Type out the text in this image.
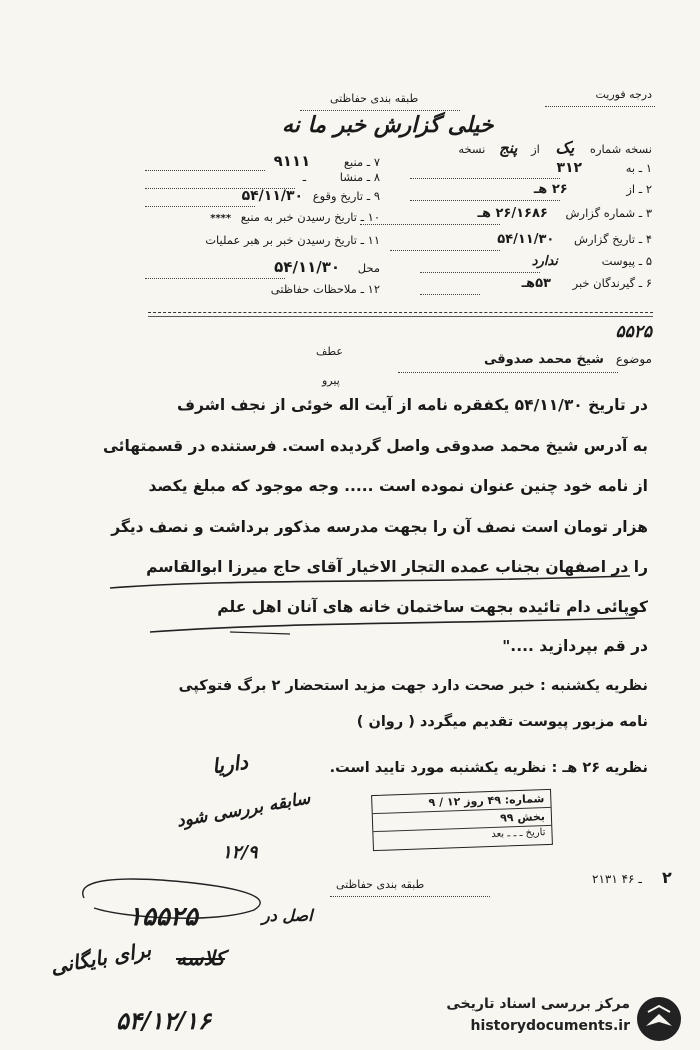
درجه فوریت
طبقه بندی حفاظتی
خیلی گزارش خبر ما نه
نسخه شماره یک از پنج نسخه
۱ ـ به ۳۱۲
۲ ـ از ۲۶ هـ
۳ ـ شماره گزارش ۲۶/۱۶۸۶ هـ
۴ ـ تاریخ گزارش ۵۴/۱۱/۳۰
۵ ـ پیوست ندارد
۶ ـ گیرندگان خبر ۵۳هـ
۷ ـ منبع ۹۱۱۱
۸ ـ منشا ـ
۹ ـ تاریخ وقوع ۵۴/۱۱/۳۰
۱۰ ـ تاریخ رسیدن خبر به منبع ****
۱۱ ـ تاریخ رسیدن خبر بر هبر عملیات
محل ۵۴/۱۱/۳۰
۱۲ ـ ملاحظات حفاظتی
۵۵۲۵
عطف
پیرو
موضوع شیخ محمد صدوقی
در تاریخ ۵۴/۱۱/۳۰ یکفقره نامه از آیت اله خوئی از نجف اشرف
به آدرس شیخ محمد صدوقی واصل گردیده است. فرستنده در قسمتهائی
از نامه خود چنین عنوان نموده است ..... وجه موجود که مبلغ یکصد
هزار تومان است نصف آن را بجهت مدرسه مذکور برداشت و نصف دیگر
را در اصفهان بجناب عمده التجار الاخیار آقای حاج میرزا ابوالقاسم
کوپائی دام تائیده بجهت ساختمان خانه های آنان اهل علم
در قم بپردازید ...."
نظریه یکشنبه : خبر صحت دارد جهت مزید استحضار ۲ برگ فتوکپی
نامه مزبور پیوست تقدیم میگردد ( روان )
نظریه ۲۶ هـ : نظریه یکشنبه مورد تایید است.
داریا
سابقه بررسی شود
۱۲/۹
شماره: ۴۹ روز ۱۲ / ۹
بخش ۹۹
تاریخ ـ ـ ـ بعد
طبقه بندی حفاظتی	۲۱۳۱ ـ ۴۶ ۲
۱۵۵۲۵	اصل در
کلاسه
برای بایگانی
۵۴/۱۲/۱۶
مرکز بررسی اسناد تاریخی
historydocuments.ir
